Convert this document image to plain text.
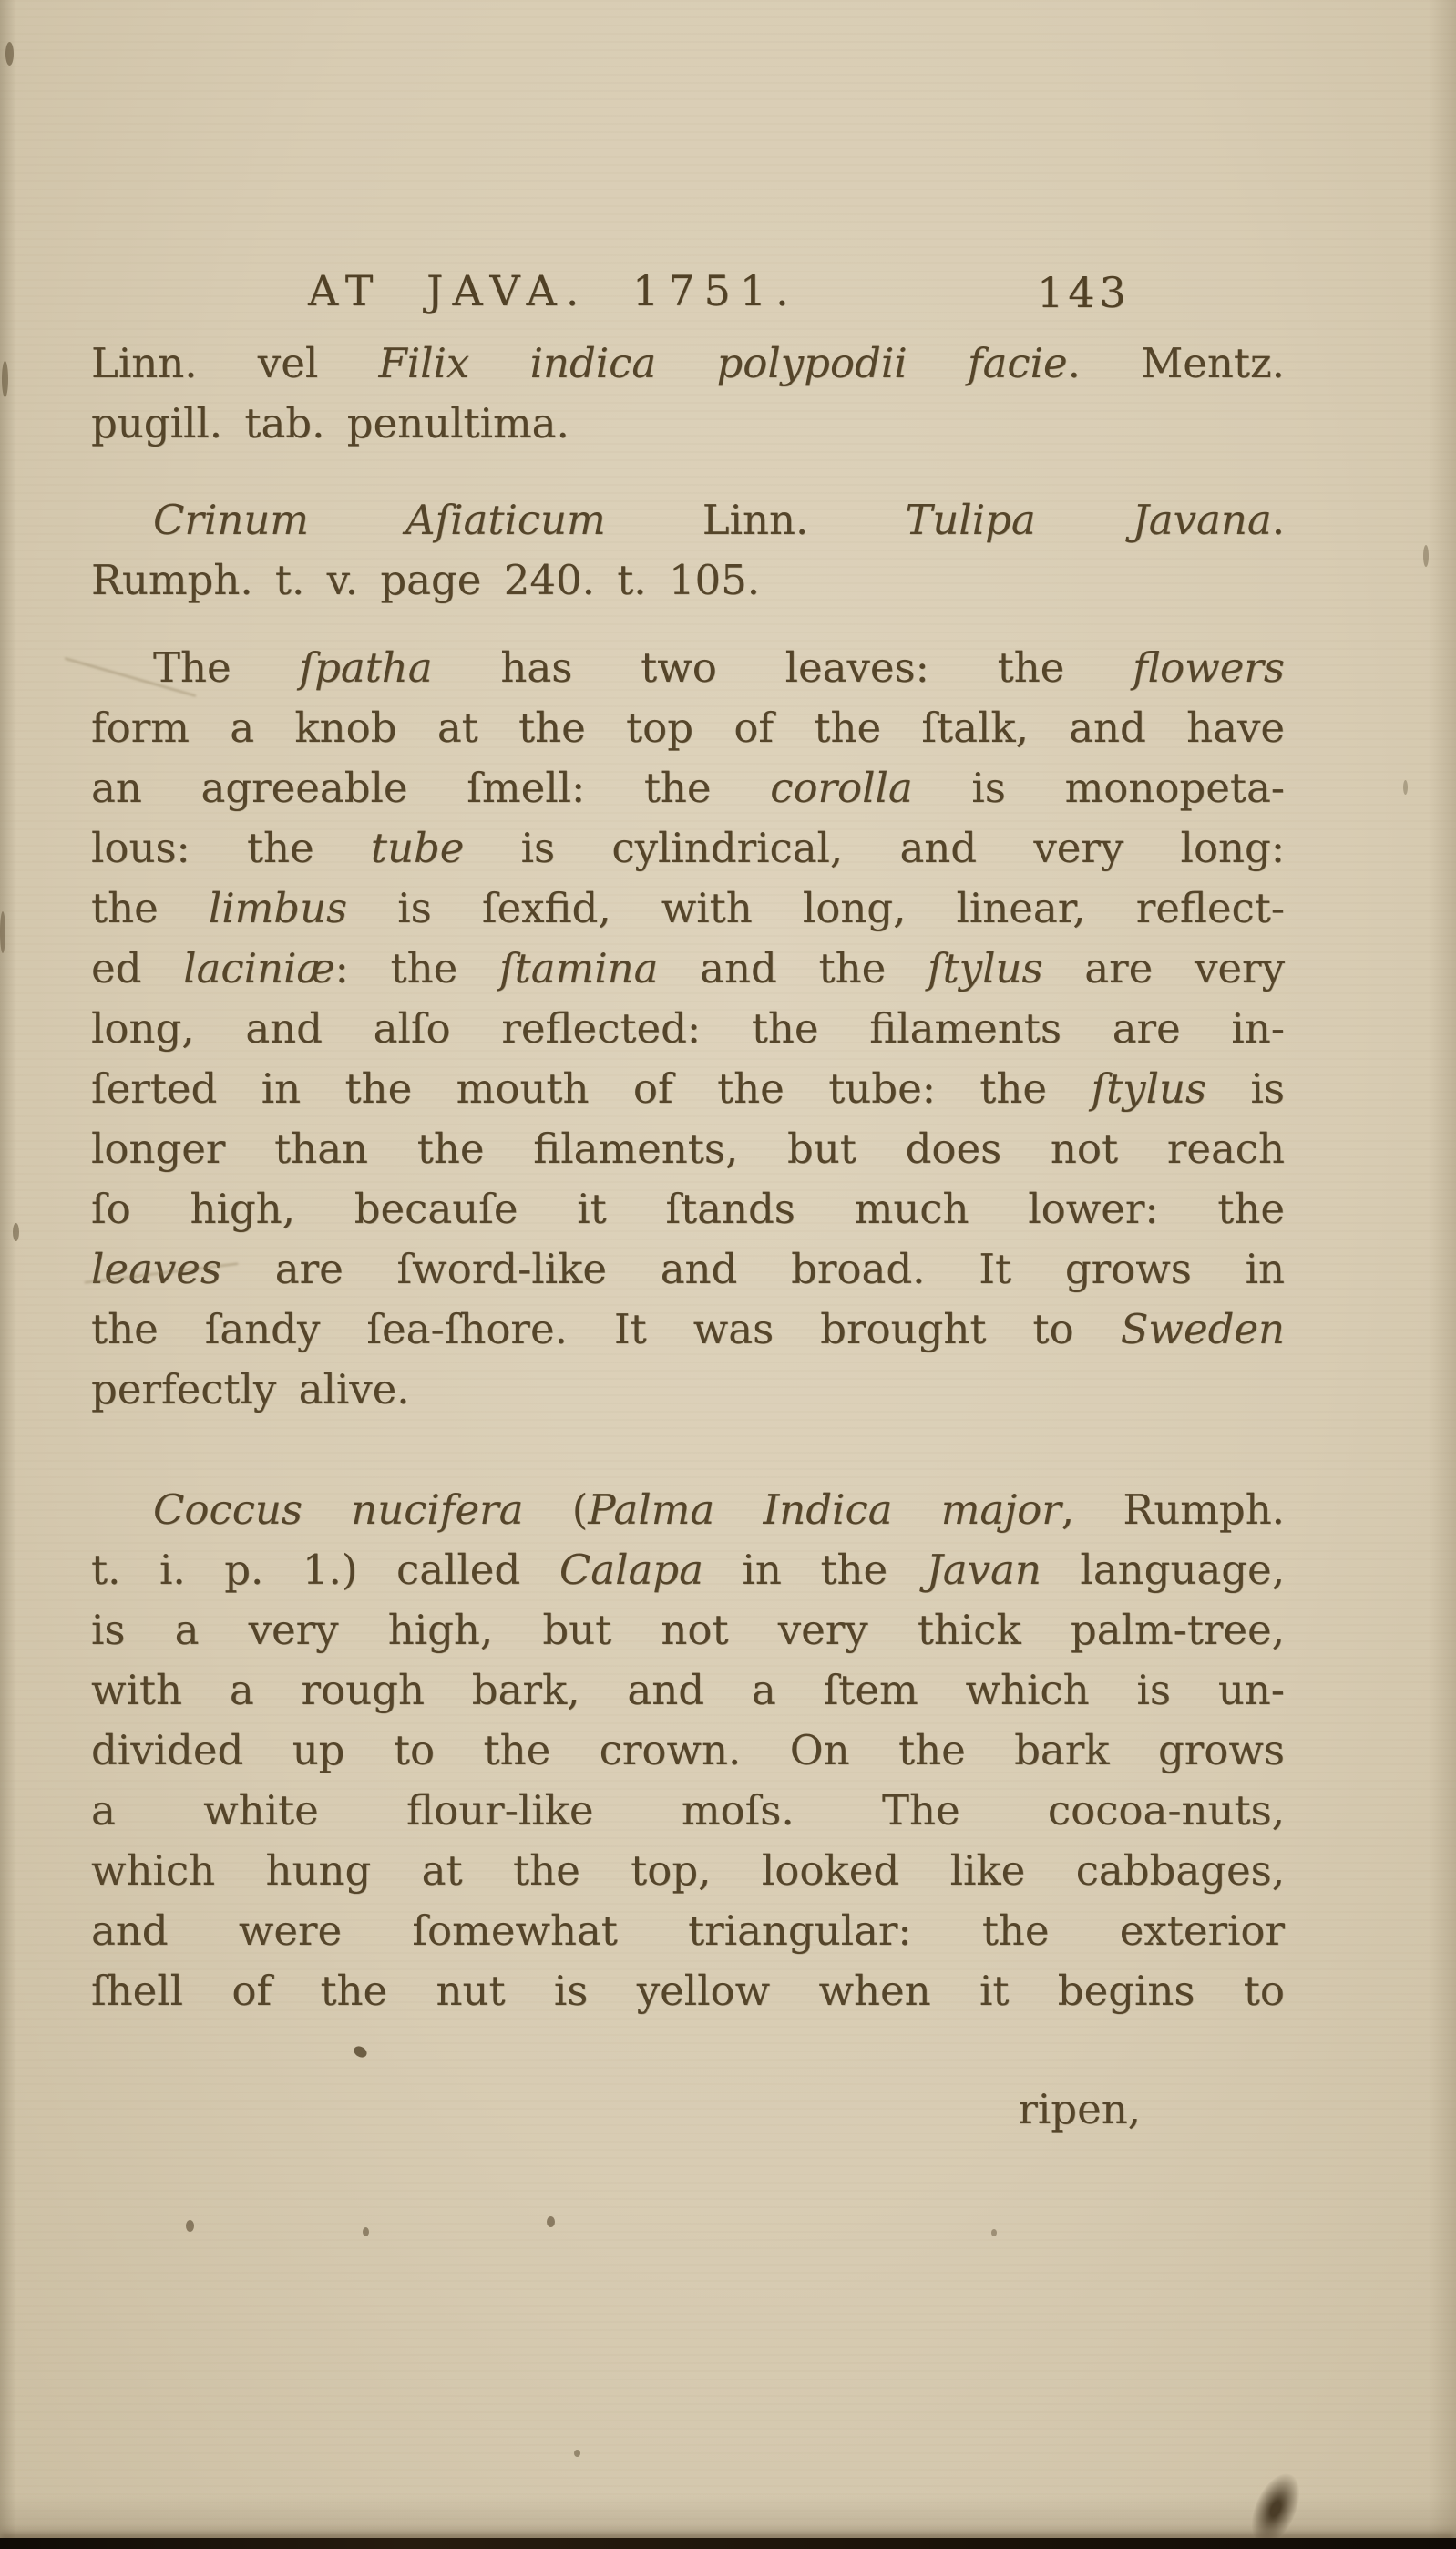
AT JAVA. 1751.	143
Linn. vel Filix indica polypodii facie. Mentz.
pugill. tab. penultima.
Crinum Aſiaticum Linn. Tulipa Javana.
Rumph. t. v. page 240. t. 105.
The ſpatha has two leaves: the flowers
form a knob at the top of the ſtalk, and have
an agreeable ſmell: the corolla is monopeta-
lous: the tube is cylindrical, and very long:
the limbus is ſexfid, with long, linear, reflect-
ed laciniæ: the ſtamina and the ſtylus are very
long, and alſo reflected: the filaments are in-
ſerted in the mouth of the tube: the ſtylus is
longer than the filaments, but does not reach
ſo high, becauſe it ſtands much lower: the
leaves are ſword-like and broad. It grows in
the ſandy ſea-ſhore. It was brought to Sweden
perfectly alive.
Coccus nucifera (Palma Indica major, Rumph.
t. i. p. 1.) called Calapa in the Javan language,
is a very high, but not very thick palm-tree,
with a rough bark, and a ſtem which is un-
divided up to the crown. On the bark grows
a white flour-like moſs. The cocoa-nuts,
which hung at the top, looked like cabbages,
and were ſomewhat triangular: the exterior
ſhell of the nut is yellow when it begins to
ripen,
